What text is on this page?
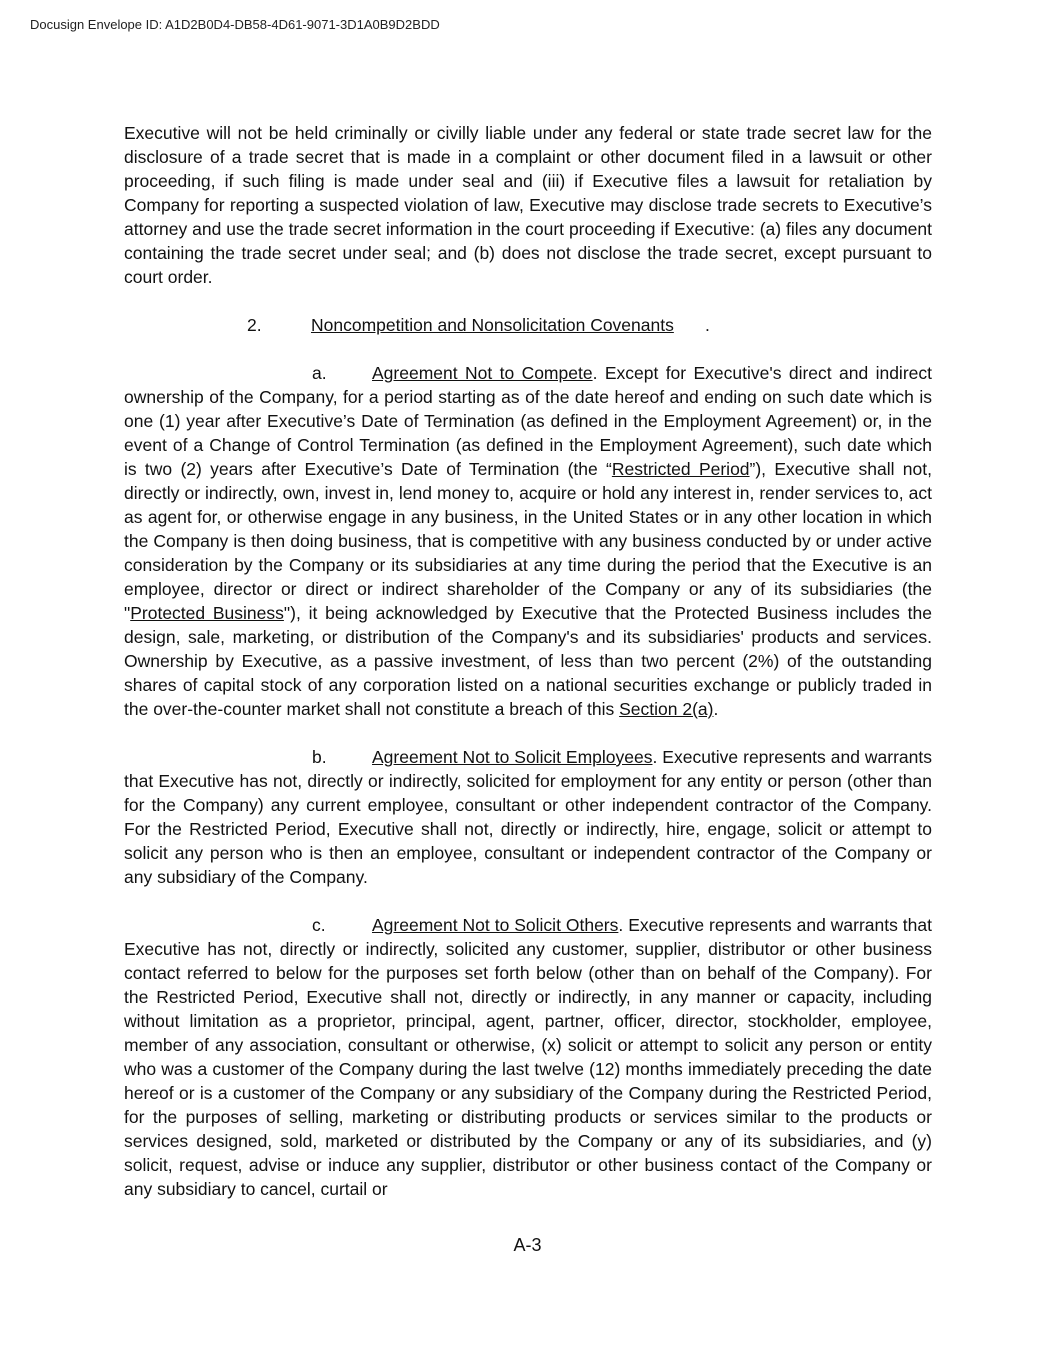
Docusign Envelope ID: A1D2B0D4-DB58-4D61-9071-3D1A0B9D2BDD

Executive will not be held criminally or civilly liable under any federal or state trade secret law for the disclosure of a trade secret that is made in a complaint or other document filed in a lawsuit or other proceeding, if such filing is made under seal and (iii) if Executive files a lawsuit for retaliation by Company for reporting a suspected violation of law, Executive may disclose trade secrets to Executive’s attorney and use the trade secret information in the court proceeding if Executive: (a) files any document containing the trade secret under seal; and (b) does not disclose the trade secret, except pursuant to court order.

2.	Noncompetition and Nonsolicitation Covenants .

a.	Agreement Not to Compete. Except for Executive's direct and indirect ownership of the Company, for a period starting as of the date hereof and ending on such date which is one (1) year after Executive’s Date of Termination (as defined in the Employment Agreement) or, in the event of a Change of Control Termination (as defined in the Employment Agreement), such date which is two (2) years after Executive’s Date of Termination (the “Restricted Period”), Executive shall not, directly or indirectly, own, invest in, lend money to, acquire or hold any interest in, render services to, act as agent for, or otherwise engage in any business, in the United States or in any other location in which the Company is then doing business, that is competitive with any business conducted by or under active consideration by the Company or its subsidiaries at any time during the period that the Executive is an employee, director or direct or indirect shareholder of the Company or any of its subsidiaries (the "Protected Business"), it being acknowledged by Executive that the Protected Business includes the design, sale, marketing, or distribution of the Company's and its subsidiaries' products and services. Ownership by Executive, as a passive investment, of less than two percent (2%) of the outstanding shares of capital stock of any corporation listed on a national securities exchange or publicly traded in the over-the-counter market shall not constitute a breach of this Section 2(a).

b.	Agreement Not to Solicit Employees. Executive represents and warrants that Executive has not, directly or indirectly, solicited for employment for any entity or person (other than for the Company) any current employee, consultant or other independent contractor of the Company. For the Restricted Period, Executive shall not, directly or indirectly, hire, engage, solicit or attempt to solicit any person who is then an employee, consultant or independent contractor of the Company or any subsidiary of the Company.

c.	Agreement Not to Solicit Others. Executive represents and warrants that Executive has not, directly or indirectly, solicited any customer, supplier, distributor or other business contact referred to below for the purposes set forth below (other than on behalf of the Company). For the Restricted Period, Executive shall not, directly or indirectly, in any manner or capacity, including without limitation as a proprietor, principal, agent, partner, officer, director, stockholder, employee, member of any association, consultant or otherwise, (x) solicit or attempt to solicit any person or entity who was a customer of the Company during the last twelve (12) months immediately preceding the date hereof or is a customer of the Company or any subsidiary of the Company during the Restricted Period, for the purposes of selling, marketing or distributing products or services similar to the products or services designed, sold, marketed or distributed by the Company or any of its subsidiaries, and (y) solicit, request, advise or induce any supplier, distributor or other business contact of the Company or any subsidiary to cancel, curtail or

A-3
